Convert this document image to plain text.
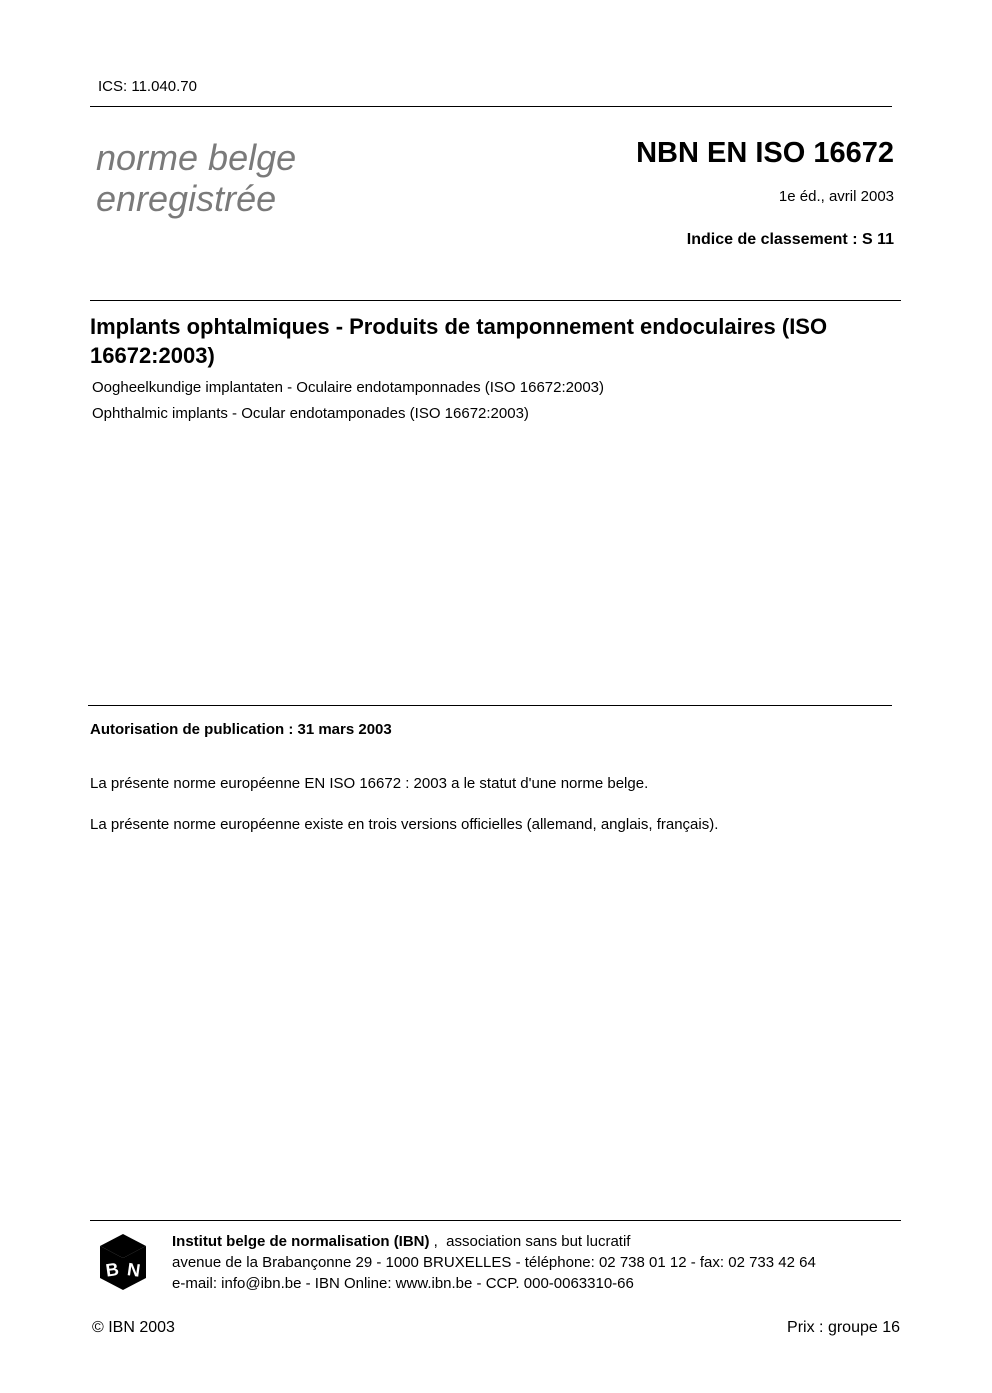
ICS: 11.040.70
norme belge
enregistrée
NBN EN ISO 16672
1e éd., avril 2003
Indice de classement : S 11
Implants ophtalmiques - Produits de tamponnement endoculaires (ISO 16672:2003)
Oogheelkundige implantaten - Oculaire endotamponnades (ISO 16672:2003)
Ophthalmic implants - Ocular endotamponades (ISO 16672:2003)
Autorisation de publication : 31 mars 2003
La présente norme européenne EN ISO 16672 : 2003 a le statut d'une norme belge.
La présente norme européenne existe en trois versions officielles (allemand, anglais, français).
B N
Institut belge de normalisation (IBN) ,  association sans but lucratif
avenue de la Brabançonne 29 - 1000 BRUXELLES - téléphone: 02 738 01 12 - fax: 02 733 42 64
e-mail: info@ibn.be - IBN Online: www.ibn.be - CCP. 000-0063310-66
© IBN 2003	Prix : groupe 16
